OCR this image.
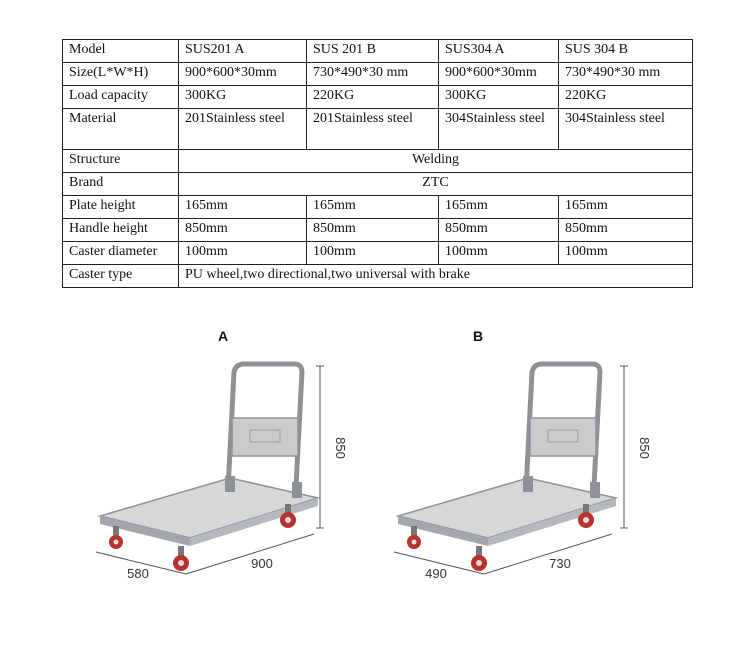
Model	SUS201 A	SUS 201 B	SUS304 A	SUS 304 B
Size(L*W*H)	900*600*30mm	730*490*30 mm	900*600*30mm	730*490*30 mm
Load capacity	300KG	220KG	300KG	220KG
Material	201Stainless steel	201Stainless steel	304Stainless steel	304Stainless steel
Structure	Welding			
Brand	ZTC			
Plate height	165mm	165mm	165mm	165mm
Handle height	850mm	850mm	850mm	850mm
Caster diameter	100mm	100mm	100mm	100mm
Caster type	PU wheel,two directional,two universal with brake			
A
850
580
900
B
850
490
730
